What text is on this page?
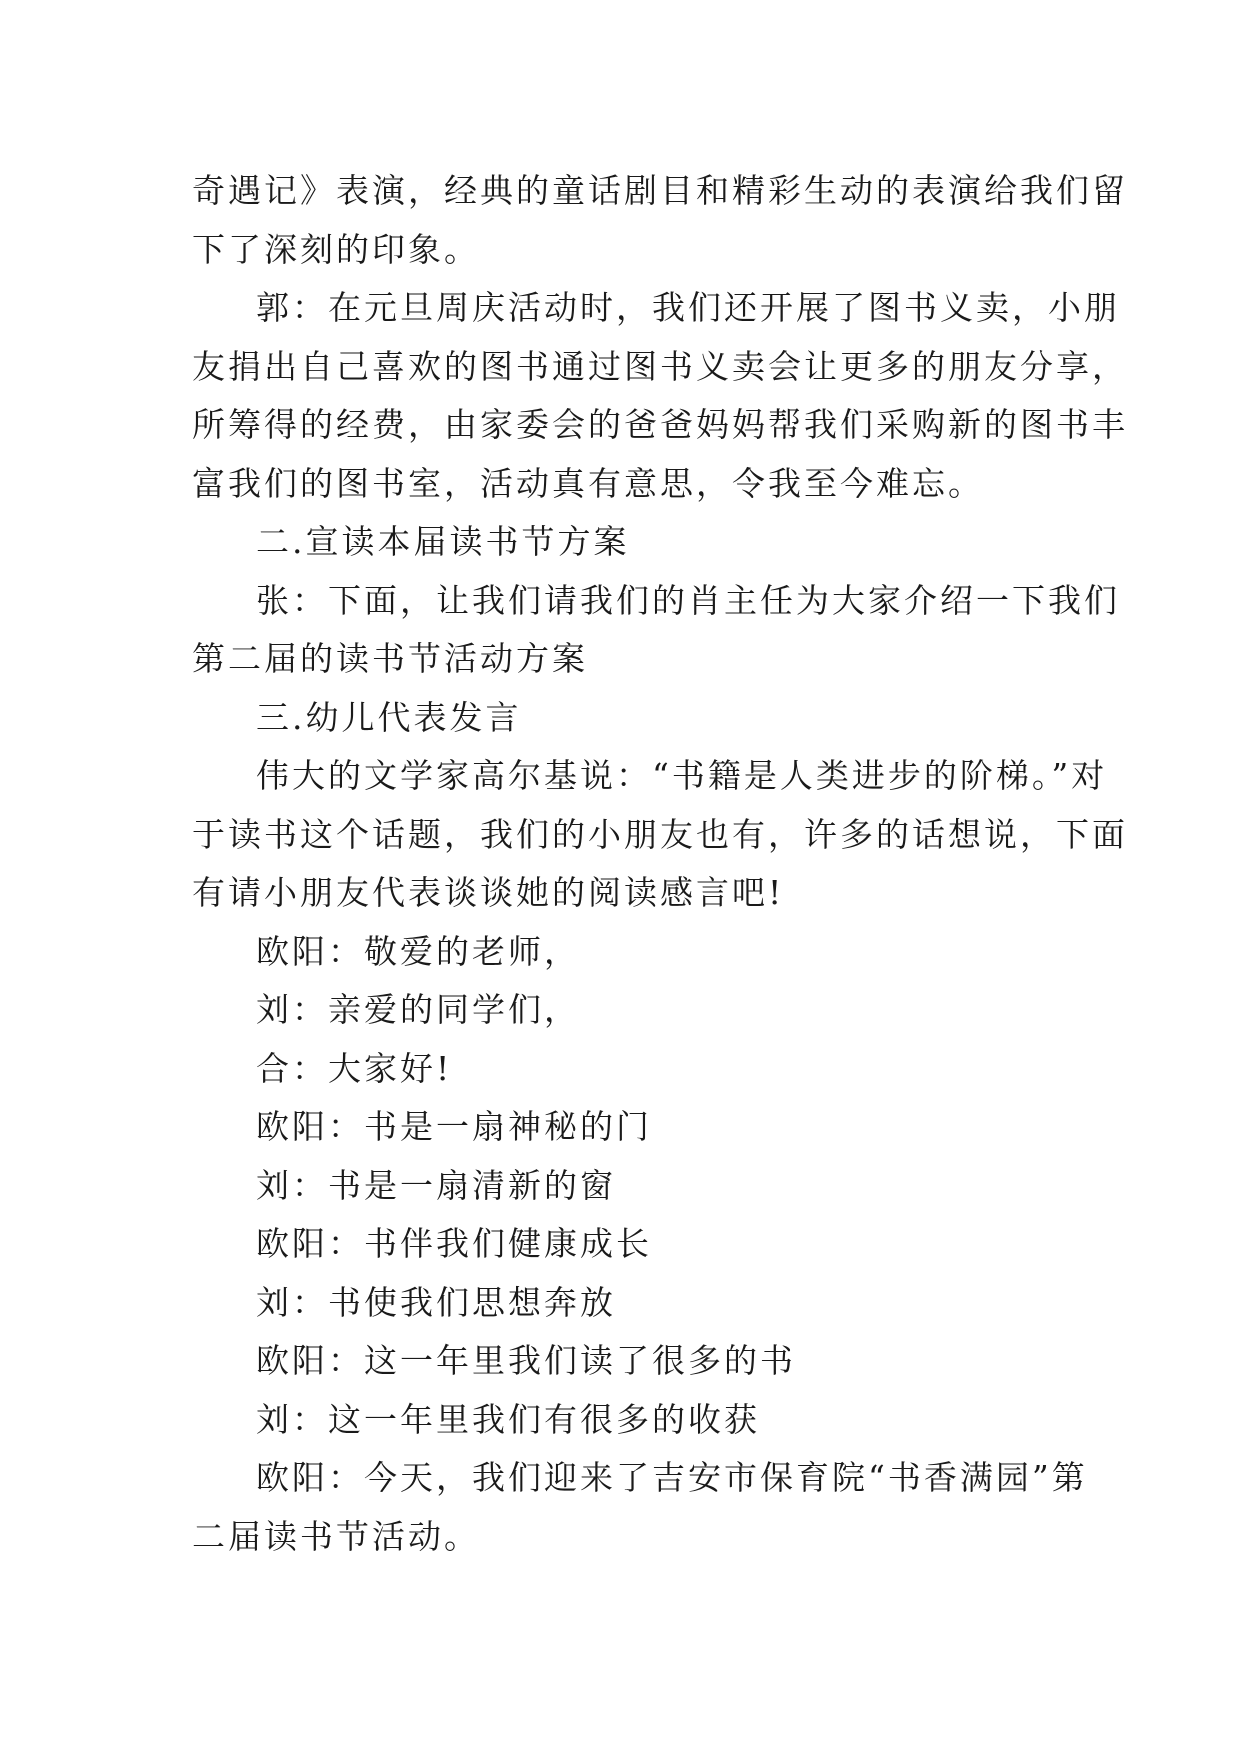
奇遇记》表演，经典的童话剧目和精彩生动的表演给我们留
下了深刻的印象。
郭：在元旦周庆活动时，我们还开展了图书义卖，小朋
友捐出自己喜欢的图书通过图书义卖会让更多的朋友分享，
所筹得的经费，由家委会的爸爸妈妈帮我们采购新的图书丰
富我们的图书室，活动真有意思，令我至今难忘。
二.宣读本届读书节方案
张：下面，让我们请我们的肖主任为大家介绍一下我们
第二届的读书节活动方案
三.幼儿代表发言
伟大的文学家高尔基说：“书籍是人类进步的阶梯。”对
于读书这个话题，我们的小朋友也有，许多的话想说，下面
有请小朋友代表谈谈她的阅读感言吧!
欧阳：敬爱的老师，
刘：亲爱的同学们，
合：大家好!
欧阳：书是一扇神秘的门
刘：书是一扇清新的窗
欧阳：书伴我们健康成长
刘：书使我们思想奔放
欧阳：这一年里我们读了很多的书
刘：这一年里我们有很多的收获
欧阳：今天，我们迎来了吉安市保育院“书香满园”第
二届读书节活动。
